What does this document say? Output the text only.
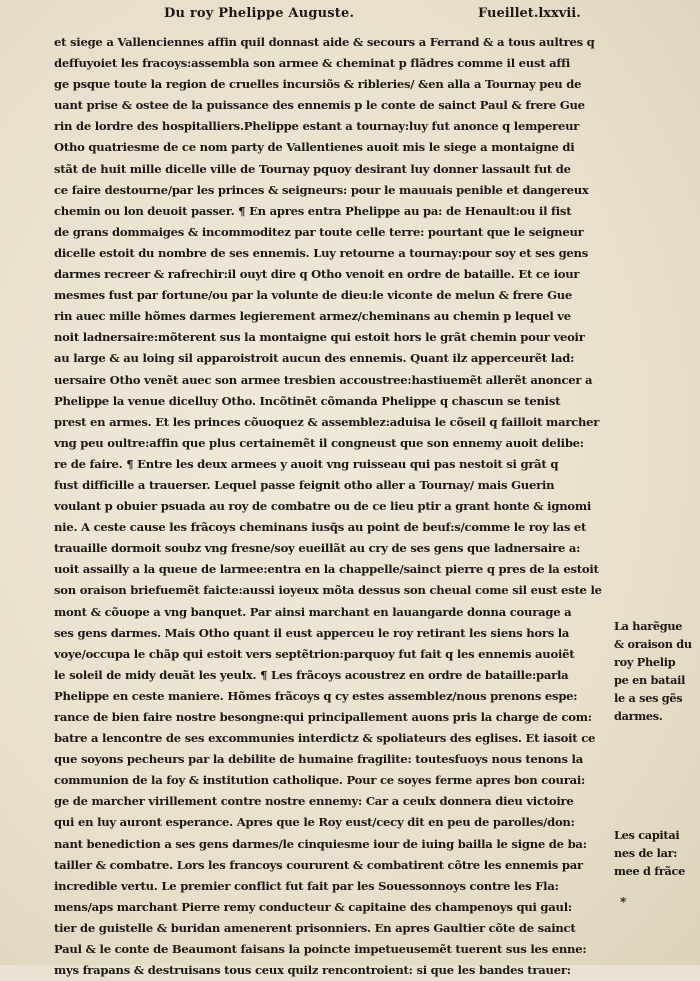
Du roy Phelippe Auguste.	Fueillet.lxxvii.
et siege a Vallenciennes affin quil donnast aide & secours a Ferrand & a tous aultres q
deffuyoiet les fracoys:assembla son armee & cheminat p flãdres comme il eust affi
ge psque toute la region de cruelles incursiõs & ribleries/ &en alla a Tournay peu de
uant prise & ostee de la puissance des ennemis p le conte de sainct Paul & frere Gue
rin de lordre des hospitalliers.Phelippe estant a tournay:luy fut anonce q lempereur
Otho quatriesme de ce nom party de Vallentienes auoit mis le siege a montaigne di
stãt de huit mille dicelle ville de Tournay pquoy desirant luy donner lassault fut de
ce faire destourne/par les princes & seigneurs: pour le mauuais penible et dangereux
chemin ou lon deuoit passer. ¶ En apres entra Phelippe au pa: de Henault:ou il fist
de grans dommaiges & incommoditez par toute celle terre: pourtant que le seigneur
dicelle estoit du nombre de ses ennemis. Luy retourne a tournay:pour soy et ses gens
darmes recreer & rafrechir:il ouyt dire q Otho venoit en ordre de bataille. Et ce iour
mesmes fust par fortune/ou par la volunte de dieu:le viconte de melun & frere Gue
rin auec mille hõmes darmes legierement armez/cheminans au chemin p lequel ve
noit ladnersaire:mõterent sus la montaigne qui estoit hors le grãt chemin pour veoir
au large & au loing sil apparoistroit aucun des ennemis. Quant ilz apperceurẽt lad:
uersaire Otho venẽt auec son armee tresbien accoustree:hastiuemẽt allerẽt anoncer a
Phelippe la venue dicelluy Otho. Incõtinẽt cõmanda Phelippe q chascun se tenist
prest en armes. Et les princes cõuoquez & assemblez:aduisa le cõseil q failloit marcher
vng peu oultre:affin que plus certainemẽt il congneust que son ennemy auoit delibe:
re de faire. ¶ Entre les deux armees y auoit vng ruisseau qui pas nestoit si grãt q
fust difficille a trauerser. Lequel passe feignit otho aller a Tournay/ mais Guerin
voulant p obuier psuada au roy de combatre ou de ce lieu ptir a grant honte & ignomi
nie. A ceste cause les frãcoys cheminans iusq̃s au point de beuf:s/comme le roy las et
trauaille dormoit soubz vng fresne/soy eueillãt au cry de ses gens que ladnersaire a:
uoit assailly a la queue de larmee:entra en la chappelle/sainct pierre q pres de la estoit
son oraison briefuemẽt faicte:aussi ioyeux mõta dessus son cheual come sil eust este le
mont & cõuope a vng banquet. Par ainsi marchant en lauangarde donna courage a
ses gens darmes. Mais Otho quant il eust apperceu le roy retirant les siens hors la
voye/occupa le chãp qui estoit vers septẽtrion:parquoy fut fait q les ennemis auoiẽt
le soleil de midy deuãt les yeulx. ¶ Les frãcoys acoustrez en ordre de bataille:parla
Phelippe en ceste maniere. Hõmes frãcoys q cy estes assemblez/nous prenons espe:
rance de bien faire nostre besongne:qui principallement auons pris la charge de com:
batre a lencontre de ses excommunies interdictz & spoliateurs des eglises. Et iasoit ce
que soyons pecheurs par la debilite de humaine fragilite: toutesfuoys nous tenons la
communion de la foy & institution catholique. Pour ce soyes ferme apres bon courai:
ge de marcher virillement contre nostre ennemy: Car a ceulx donnera dieu victoire
qui en luy auront esperance. Apres que le Roy eust/cecy dit en peu de parolles/don:
nant benediction a ses gens darmes/le cinquiesme iour de iuing bailla le signe de ba:
tailler & combatre. Lors les francoys coururent & combatirent cõtre les ennemis par
incredible vertu. Le premier conflict fut fait par les Souessonnoys contre les Fla:
mens/aps marchant Pierre remy conducteur & capitaine des champenoys qui gaul:
tier de guistelle & buridan amenerent prisonniers. En apres Gaultier cõte de sainct
Paul & le conte de Beaumont faisans la poincte impetueusemẽt tuerent sus les enne:
mys frapans & destruisans tous ceux quilz rencontroient: si que les bandes trauer:
La harẽgue
& oraison du
roy Phelip
pe en batail
le a ses gẽs
darmes.
Les capitai
nes de lar:
mee d frãce
*
